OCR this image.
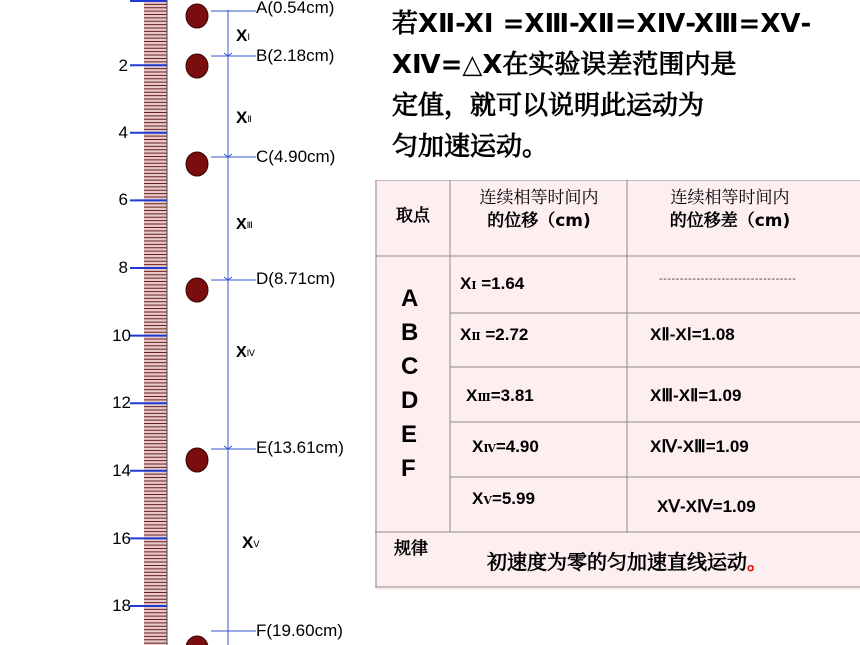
2
4
6
8
10
12
14
16
18
A(0.54cm)
B(2.18cm)
C(4.90cm)
D(8.71cm)
E(13.61cm)
F(19.60cm)
$X_Ⅰ$
$X_Ⅱ$
$X_Ⅲ$
$X_Ⅳ$
$X_Ⅴ$
若XⅡ-XⅠ =XⅢ-XⅡ=XⅣ-XⅢ=XⅤ-
XⅣ=△X在实验误差范围内是
定值，就可以说明此运动为
匀加速运动。
取点
连续相等时间内
的位移（cm)
连续相等时间内
的位移差（cm)
A
B
C
D
E
F
XⅠ =1.64
XⅡ =2.72
XⅢ=3.81
XⅣ=4.90
XⅤ=5.99
---------------------------------
XⅡ-XⅠ=1.08
XⅢ-XⅡ=1.09
XⅣ-XⅢ=1.09
XⅤ-XⅣ=1.09
规律
初速度为零的匀加速直线运动。
